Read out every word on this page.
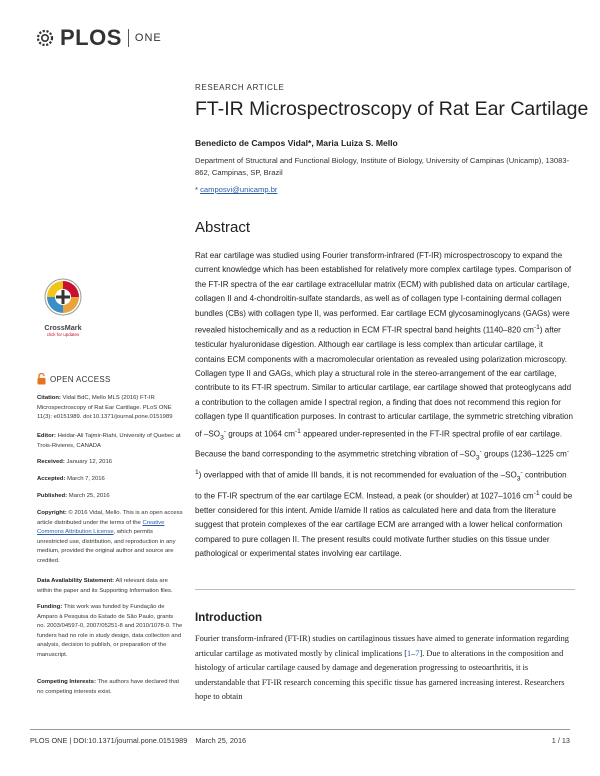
PLOS ONE
RESEARCH ARTICLE
FT-IR Microspectroscopy of Rat Ear Cartilage
Benedicto de Campos Vidal*, Maria Luiza S. Mello
Department of Structural and Functional Biology, Institute of Biology, University of Campinas (Unicamp), 13083-862, Campinas, SP, Brazil
* camposvi@unicamp.br
Abstract

Rat ear cartilage was studied using Fourier transform-infrared (FT-IR) microspectroscopy to expand the current knowledge which has been established for relatively more complex cartilage types. Comparison of the FT-IR spectra of the ear cartilage extracellular matrix (ECM) with published data on articular cartilage, collagen II and 4-chondroitin-sulfate standards, as well as of collagen type I-containing dermal collagen bundles (CBs) with collagen type II, was performed. Ear cartilage ECM glycosaminoglycans (GAGs) were revealed histochemically and as a reduction in ECM FT-IR spectral band heights (1140–820 $cm^{-1}$) after testicular hyaluronidase digestion. Although ear cartilage is less complex than articular cartilage, it contains ECM components with a macromolecular orientation as revealed using polarization microscopy. Collagen type II and GAGs, which play a structural role in the stereo-arrangement of the ear cartilage, contribute to its FT-IR spectrum. Similar to articular cartilage, ear cartilage showed that proteoglycans add a contribution to the collagen amide I spectral region, a finding that does not recommend this region for collagen type II quantification purposes. In contrast to articular cartilage, the symmetric stretching vibration of $-SO_3^-$ groups at 1064 $cm^{-1}$ appeared under-represented in the FT-IR spectral profile of ear cartilage. Because the band corresponding to the asymmetric stretching vibration of $-SO_3^-$ groups (1236–1225 $cm^{-1}$) overlapped with that of amide III bands, it is not recommended for evaluation of the $-SO_3^-$ contribution to the FT-IR spectrum of the ear cartilage ECM. Instead, a peak (or shoulder) at 1027–1016 $cm^{-1}$ could be better considered for this intent. Amide I/amide II ratios as calculated here and data from the literature suggest that protein complexes of the ear cartilage ECM are arranged with a lower helical conformation compared to pure collagen II. The present results could motivate further studies on this tissue under pathological or experimental states involving ear cartilage.

CrossMark
click for updates
OPEN ACCESS
Citation: Vidal BdC, Mello MLS (2016) FT-IR Microspectroscopy of Rat Ear Cartilage. PLoS ONE 11(3): e0151989. doi:10.1371/journal.pone.0151989
Editor: Heidar-Ali Tajmir-Riahi, University of Quebec at Trois-Rivieres, CANADA
Received: January 12, 2016
Accepted: March 7, 2016
Published: March 25, 2016
Copyright: © 2016 Vidal, Mello. This is an open access article distributed under the terms of the Creative Commons Attribution License, which permits unrestricted use, distribution, and reproduction in any medium, provided the original author and source are credited.
Data Availability Statement: All relevant data are within the paper and its Supporting Information files.
Funding: This work was funded by Fundação de Amparo à Pesquisa do Estado de São Paulo, grants no. 2003/04597-0, 2007/05251-8 and 2010/1078-0. The funders had no role in study design, data collection and analysis, decision to publish, or preparation of the manuscript.
Competing Interests: The authors have declared that no competing interests exist.
Introduction
Fourier transform-infrared (FT-IR) studies on cartilaginous tissues have aimed to generate information regarding articular cartilage as motivated mostly by clinical implications [1–7]. Due to alterations in the composition and histology of articular cartilage caused by damage and degeneration progressing to osteoarthritis, it is understandable that FT-IR research concerning this specific tissue has garnered increasing interest. Researchers hope to obtain
PLOS ONE | DOI:10.1371/journal.pone.0151989    March 25, 2016	1 / 13
